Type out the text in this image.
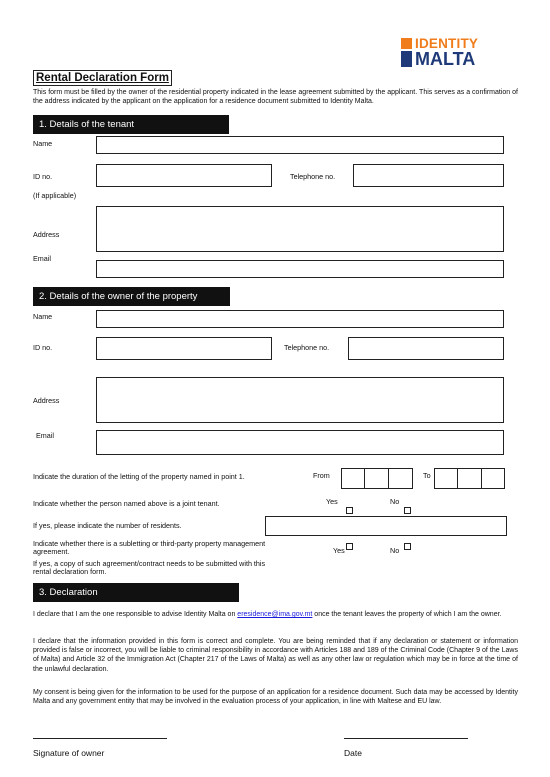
IDENTITY
MALTA
Rental Declaration Form
This form must be filled by the owner of the residential property indicated in the lease agreement submitted by the applicant. This serves as a confirmation of the address indicated by the applicant on the application for a residence document submitted to Identity Malta.
1. Details of the tenant
Name
ID no.	Telephone no.
(If applicable)
Address
Email
2. Details of the owner of the property
Name
ID no.	Telephone no.
Address
Email
Indicate the duration of the letting of the property named in point 1.	From	To
Indicate whether the person named above is a joint tenant.	Yes	No
If yes, please indicate the number of residents.
Indicate whether there is a subletting or third-party property management
agreement.	Yes	No
If yes, a copy of such agreement/contract needs to be submitted with this
rental declaration form.
3. Declaration
I declare that I am the one responsible to advise Identity Malta on eresidence@ima.gov.mt once the tenant leaves the property of which I am the owner.
I declare that the information provided in this form is correct and complete. You are being reminded that if any declaration or statement or information provided is false or incorrect, you will be liable to criminal responsibility in accordance with Articles 188 and 189 of the Criminal Code (Chapter 9 of the Laws of Malta) and Article 32 of the Immigration Act (Chapter 217 of the Laws of Malta) as well as any other law or regulation which may be in force at the time of the unlawful declaration.
My consent is being given for the information to be used for the purpose of an application for a residence document. Such data may be accessed by Identity Malta and any government entity that may be involved in the evaluation process of your application, in line with Maltese and EU law.
Signature of owner	Date
